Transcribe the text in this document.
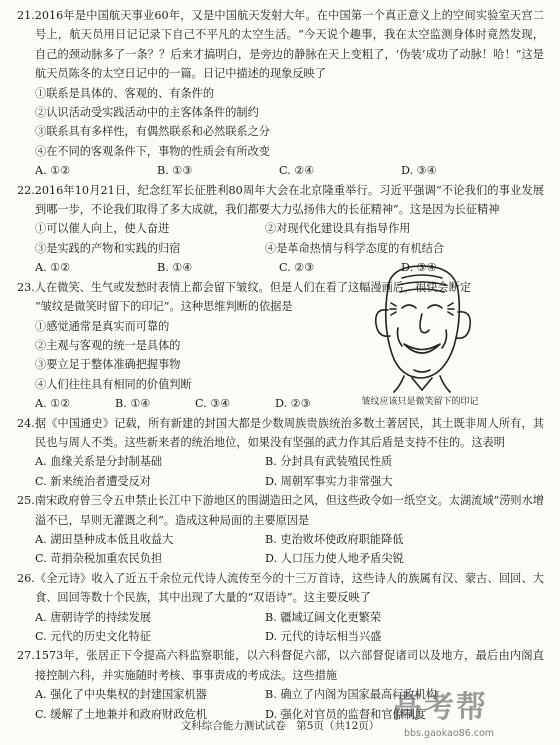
21.2016年是中国航天事业60年，又是中国航天发射大年。在中国第一个真正意义上的空间实验室天宫二号上，航天员用日记记录下自己不平凡的太空生活。“今天说个趣事，我在太空监测身体时竟然发现，自己的颈动脉多了一条？？后来才搞明白，是旁边的静脉在天上变粗了，‘伪装’成功了动脉！哈！”这是航天员陈冬的太空日记中的一篇。日记中描述的现象反映了
①联系是具体的、客观的、有条件的
②认识活动受实践活动中的主客体条件的制约
③联系具有多样性，有偶然联系和必然联系之分
④在不同的客观条件下，事物的性质会有所改变
A. ①②	B. ①③	C. ②④	D. ③④
22.2016年10月21日，纪念红军长征胜利80周年大会在北京隆重举行。习近平强调“不论我们的事业发展到哪一步，不论我们取得了多大成就，我们都要大力弘扬伟大的长征精神”。这是因为长征精神
①可以催人向上，使人奋进	②对现代化建设具有指导作用
③是实践的产物和实践的归宿	④是革命热情与科学态度的有机结合
A. ①②	B. ①④	C. ②③	D. ③④
23.人在微笑、生气或发愁时表情上都会留下皱纹。但是人们在看了这幅漫画后，很快会断定
“皱纹是微笑时留下的印记”。这种思维判断的依据是
①感觉通常是真实而可靠的
②主观与客观的统一是具体的
③要立足于整体准确把握事物
④人们往往具有相同的价值判断
A. ①②	B. ①④	C. ③④	D. ②③
24.据《中国通史》记载，所有新建的封国大都是少数周族贵族统治多数土著居民，其土既非周人所有，其民也与周人不类。这些新来者的统治地位，如果没有坚强的武力作其后盾是支持不住的。这表明
A. 血缘关系是分封制基础	B. 分封具有武装殖民性质
C. 新来统治者遭受反对	D. 周朝军事实力非常强大
25.南宋政府曾三令五申禁止长江中下游地区的围湖造田之风，但这些政令如一纸空文。太湖流域“涝则水增溢不已，旱则无灌溉之利”。造成这种局面的主要原因是
A. 湖田垦种成本低且收益大	B. 吏治败坏使政府职能降低
C. 苛捐杂税加重农民负担	D. 人口压力使人地矛盾尖锐
26.《全元诗》收入了近五千余位元代诗人流传至今的十三万首诗，这些诗人的族属有汉、蒙古、回回、大食、回回等数十个民族，其中出现了大量的“双语诗”。这主要反映了
A. 唐朝诗学的持续发展	B. 疆域辽阔文化更繁荣
C. 元代的历史文化特征	D. 元代的诗坛相当兴盛
27.1573年，张居正下令提高六科监察职能，以六科督促六部，以六部督促诸司以及地方，最后由内阁直接控制六科，并实施随时考核、事事责成的考成法。这些措施
A. 强化了中央集权的封建国家机器	B. 确立了内阁为国家最高行政机构
C. 缓解了土地兼并和政府财政危机	D. 强化对官员的监督和官僚制度
皱纹应该只是微笑留下的印记
文科综合能力测试试卷　第5页（共12页）
高考帮
bbs.gaokao86.com
